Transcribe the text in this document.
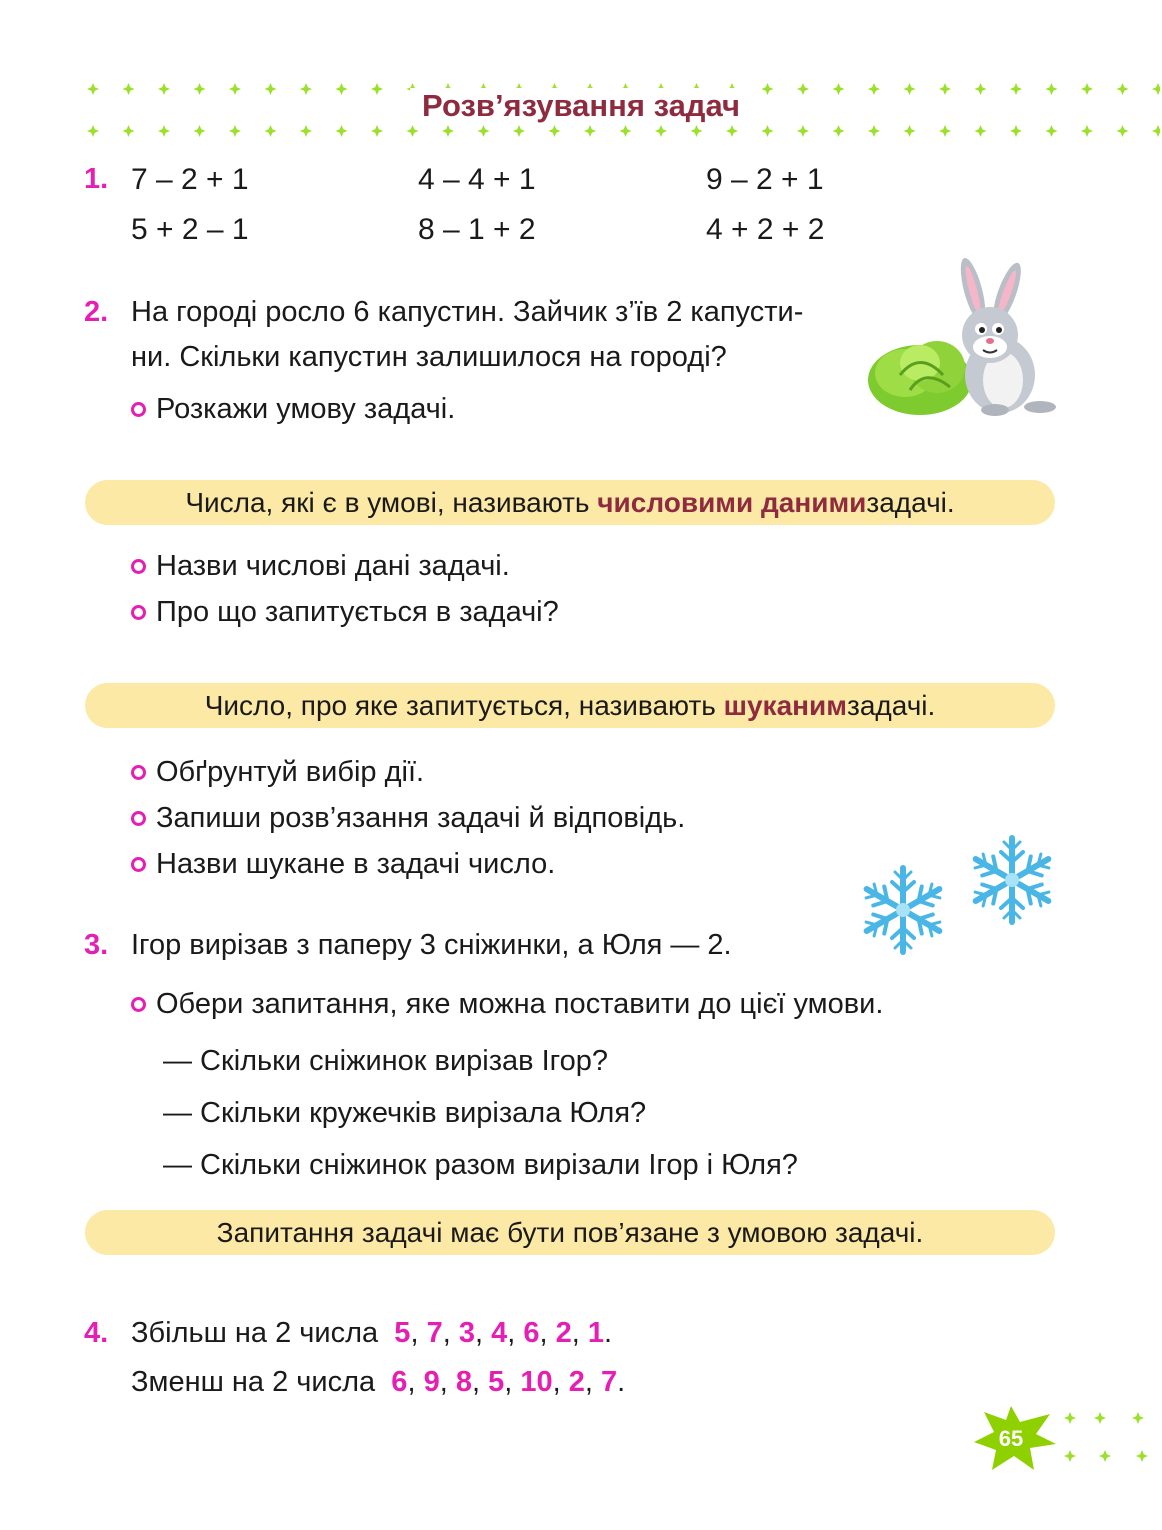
Розв’язування задач
1. 7 – 2 + 1	4 – 4 + 1	9 – 2 + 1
5 + 2 – 1	8 – 1 + 2	4 + 2 + 2
2. На городі росло 6 капустин. Зайчик з’їв 2 капусти-
ни. Скільки капустин залишилося на городі?
Розкажи умову задачі.
Числа, які є в умові, називають
числовими даними задачі.
Назви числові дані задачі.
Про що запитується в задачі?
Число, про яке запитується, називають
шуканим задачі.
Обґрунтуй вибір дії.
Запиши розв’язання задачі й відповідь.
Назви шукане в задачі число.
3. Ігор вирізав з паперу 3 сніжинки, а Юля — 2.
Обери запитання, яке можна поставити до цієї умови.
— Скільки сніжинок вирізав Ігор?
— Скільки кружечків вирізала Юля?
— Скільки сніжинок разом вирізали Ігор і Юля?
Запитання задачі має бути пов’язане з умовою задачі.
4. Збільш на 2 числа 5, 7, 3, 4, 6, 2, 1.
Зменш на 2 числа 6, 9, 8, 5, 10, 2, 7.
65
